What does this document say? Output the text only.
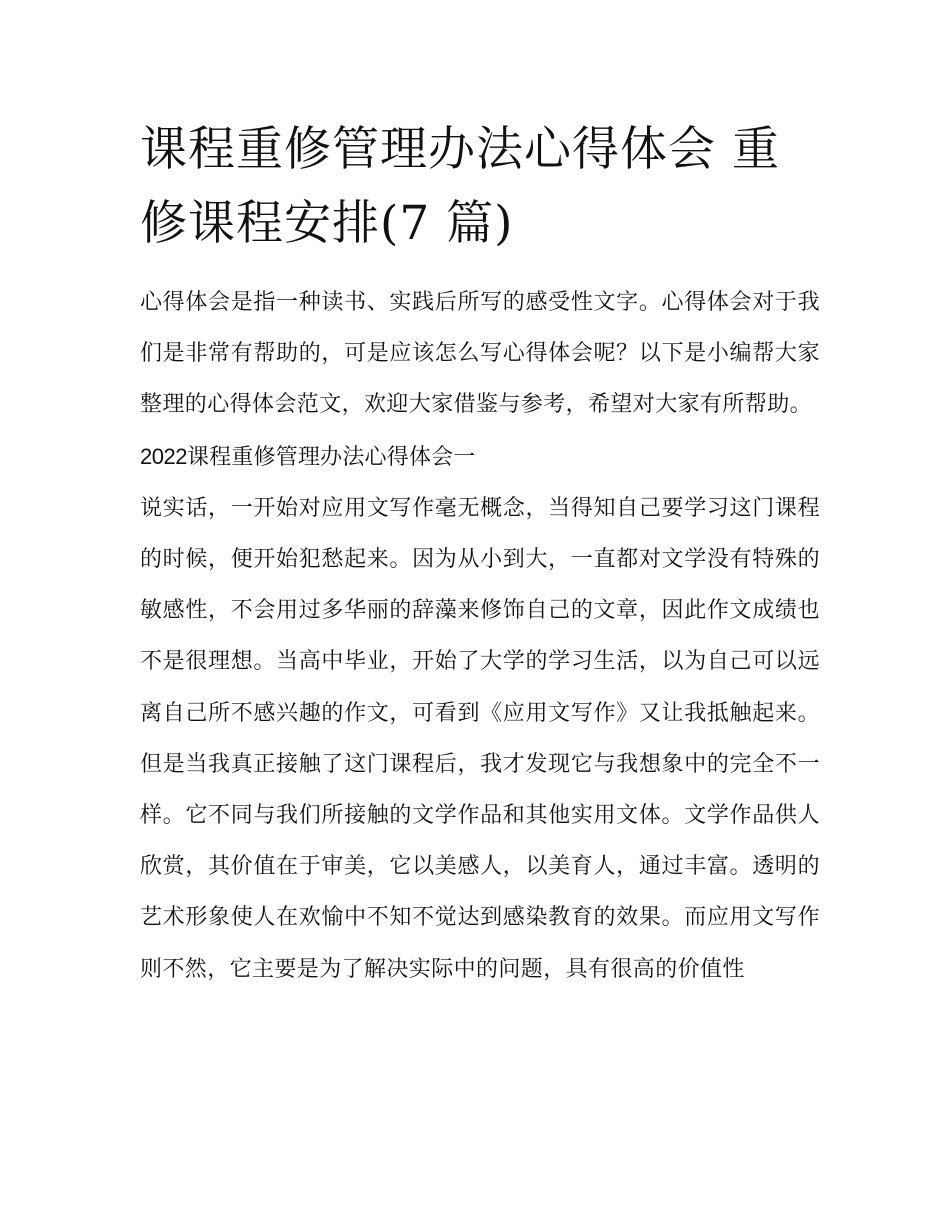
课程重修管理办法心得体会 重修课程安排(7 篇)

心得体会是指一种读书、实践后所写的感受性文字。心得体会对于我们是非常有帮助的，可是应该怎么写心得体会呢？以下是小编帮大家整理的心得体会范文，欢迎大家借鉴与参考，希望对大家有所帮助。

2022课程重修管理办法心得体会一

说实话，一开始对应用文写作毫无概念，当得知自己要学习这门课程的时候，便开始犯愁起来。因为从小到大，一直都对文学没有特殊的敏感性，不会用过多华丽的辞藻来修饰自己的文章，因此作文成绩也不是很理想。当高中毕业，开始了大学的学习生活，以为自己可以远离自己所不感兴趣的作文，可看到《应用文写作》又让我抵触起来。但是当我真正接触了这门课程后，我才发现它与我想象中的完全不一样。它不同与我们所接触的文学作品和其他实用文体。文学作品供人欣赏，其价值在于审美，它以美感人，以美育人，通过丰富。透明的艺术形象使人在欢愉中不知不觉达到感染教育的效果。而应用文写作则不然，它主要是为了解决实际中的问题，具有很高的价值性
